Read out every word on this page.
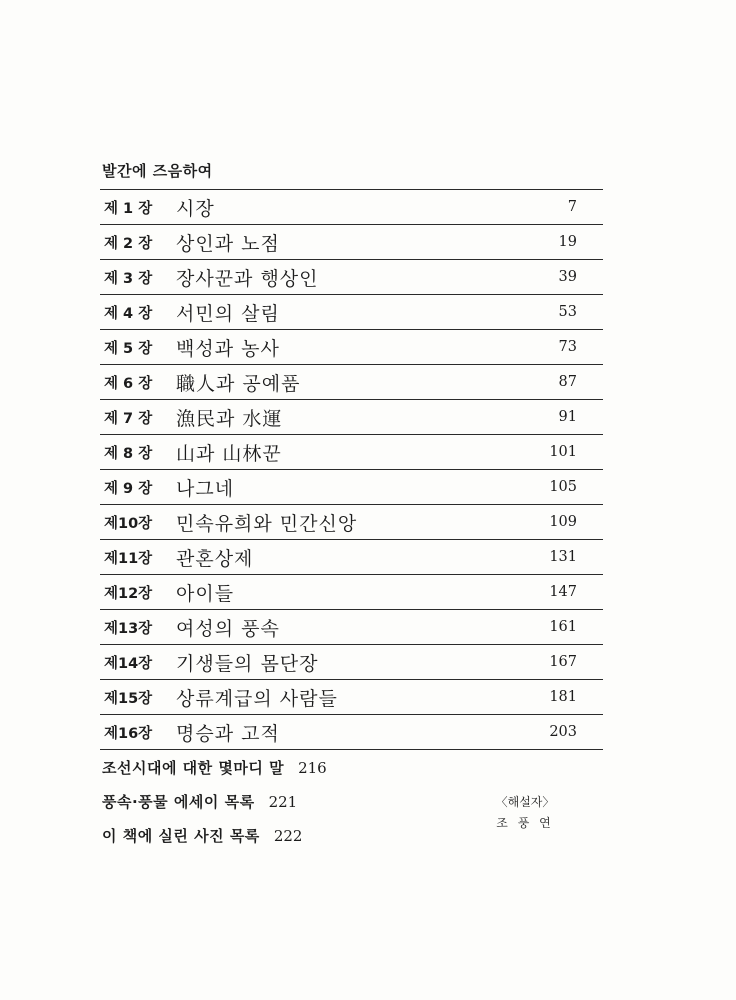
발간에 즈음하여
제 1 장	시장	7
제 2 장	상인과 노점	19
제 3 장	장사꾼과 행상인	39
제 4 장	서민의 살림	53
제 5 장	백성과 농사	73
제 6 장	職人과 공예품	87
제 7 장	漁民과 水運	91
제 8 장	山과 山林꾼	101
제 9 장	나그네	105
제10장	민속유희와 민간신앙	109
제11장	관혼상제	131
제12장	아이들	147
제13장	여성의 풍속	161
제14장	기생들의 몸단장	167
제15장	상류계급의 사람들	181
제16장	명승과 고적	203
조선시대에 대한 몇마디 말 216
풍속·풍물 에세이 목록 221
이 책에 실린 사진 목록 222
〈해설자〉
조 풍 연
